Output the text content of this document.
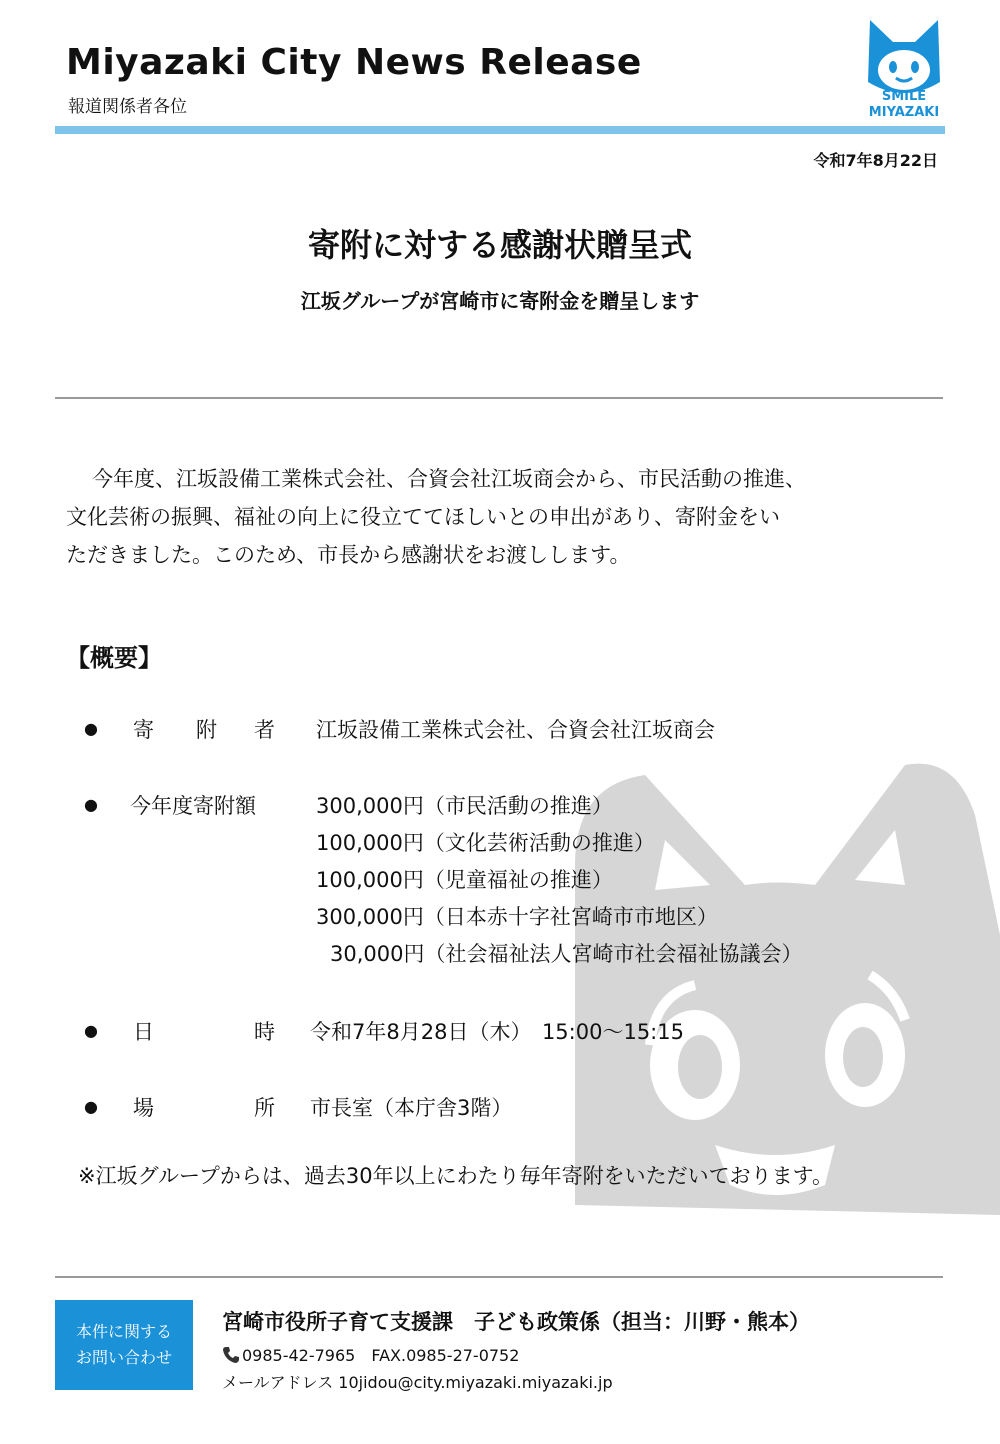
Miyazaki City News Release
報道関係者各位
SMILE
MIYAZAKI
令和7年8月22日
寄附に対する感謝状贈呈式
江坂グループが宮崎市に寄附金を贈呈します

今年度、江坂設備工業株式会社、合資会社江坂商会から、市民活動の推進、

文化芸術の振興、福祉の向上に役立ててほしいとの申出があり、寄附金をい

ただきました。このため、市長から感謝状をお渡しします。

【概要】
● 寄 附 者 江坂設備工業株式会社、合資会社江坂商会
● 今年度寄附額	300,000円（市民活動の推進）
100,000円（文化芸術活動の推進）
100,000円（児童福祉の推進）
300,000円（日本赤十字社宮崎市市地区）
30,000円（社会福祉法人宮崎市社会福祉協議会）
● 日	時 令和7年8月28日（木）　15:00～15:15
● 場	所 市長室（本庁舎3階）
※江坂グループからは、過去30年以上にわたり毎年寄附をいただいております。
本件に関する
お問い合わせ
宮崎市役所子育て支援課　子ども政策係（担当：川野・熊本）
0985-42-7965　FAX.0985-27-0752
メールアドレス 10jidou@city.miyazaki.miyazaki.jp
